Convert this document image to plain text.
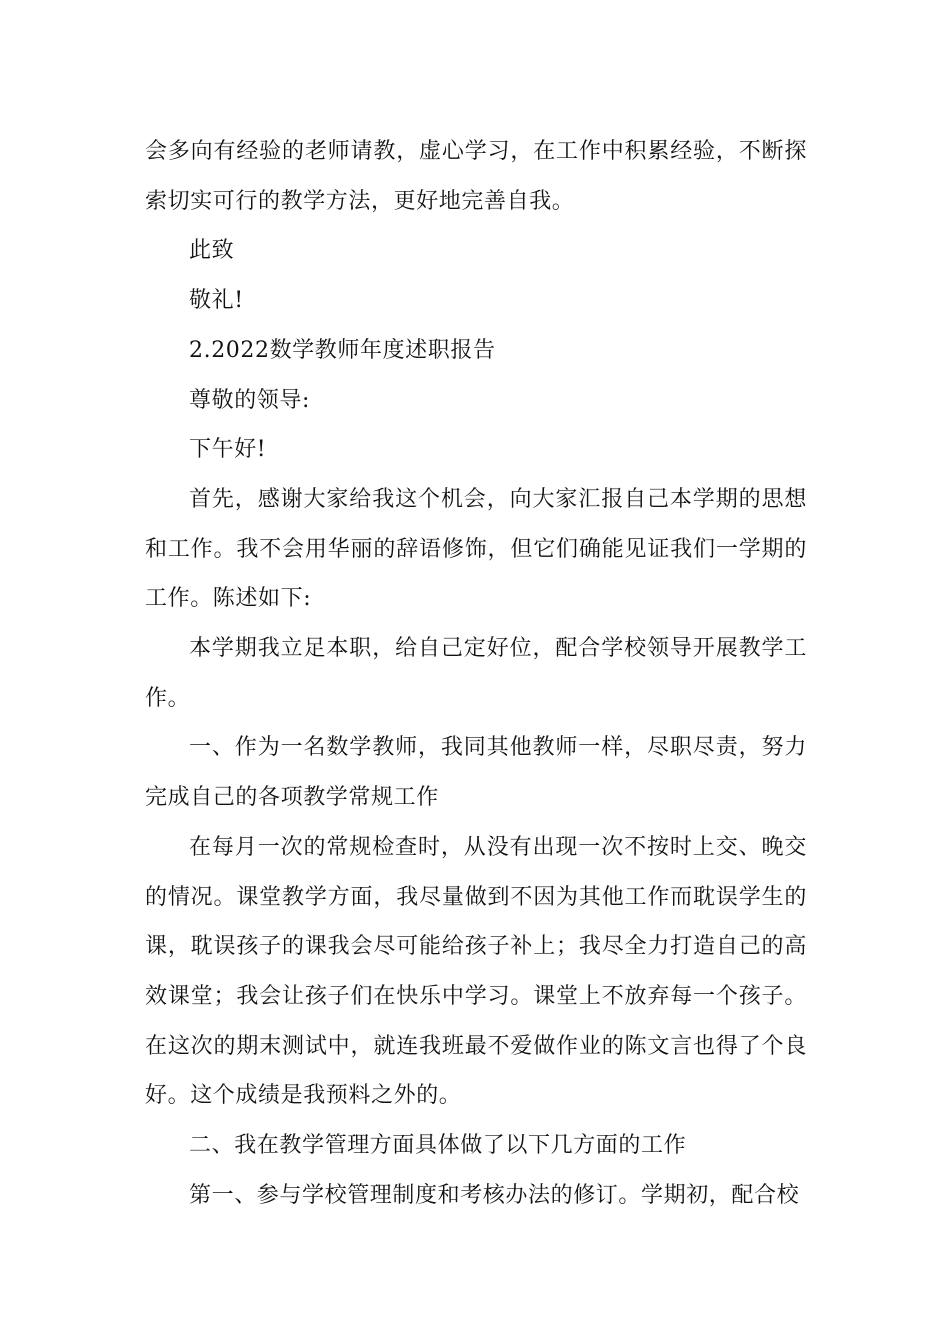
会多向有经验的老师请教，虚心学习，在工作中积累经验，不断探索切实可行的教学方法，更好地完善自我。

此致

敬礼!

2.2022数学教师年度述职报告

尊敬的领导:

下午好!

首先，感谢大家给我这个机会，向大家汇报自己本学期的思想和工作。我不会用华丽的辞语修饰，但它们确能见证我们一学期的工作。陈述如下:

本学期我立足本职，给自己定好位，配合学校领导开展教学工作。

一、作为一名数学教师，我同其他教师一样，尽职尽责，努力完成自己的各项教学常规工作

在每月一次的常规检查时，从没有出现一次不按时上交、晚交的情况。课堂教学方面，我尽量做到不因为其他工作而耽误学生的课，耽误孩子的课我会尽可能给孩子补上；我尽全力打造自己的高效课堂；我会让孩子们在快乐中学习。课堂上不放弃每一个孩子。在这次的期末测试中，就连我班最不爱做作业的陈文言也得了个良好。这个成绩是我预料之外的。

二、我在教学管理方面具体做了以下几方面的工作

第一、参与学校管理制度和考核办法的修订。学期初，配合校
